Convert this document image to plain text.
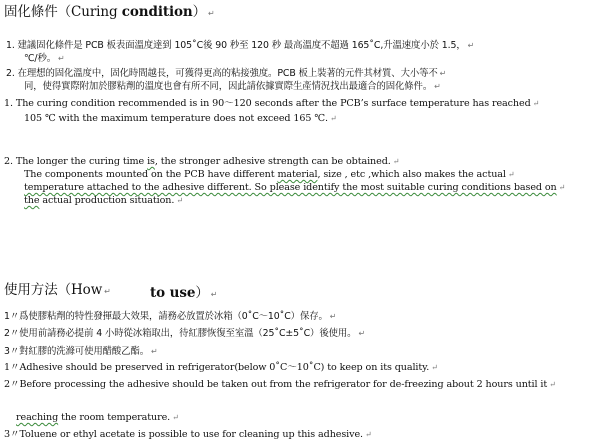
固化條件（Curing condition） ↵
1. 建議固化條件是 PCB 板表面溫度達到 105˚C後 90 秒至 120 秒 最高溫度不超過 165˚C,升溫速度小於 1.5， ↵
℃/秒。 ↵
2. 在理想的固化溫度中，固化時間越長，可獲得更高的粘接強度。PCB 板上裝著的元件其材質、大小等不 ↵
同，使得實際附加於膠粘劑的溫度也會有所不同，因此請依據實際生產情況找出最適合的固化條件。 ↵
1. The curing condition recommended is in 90～120 seconds after the PCB’s surface temperature has reached ↵
105 ℃ with the maximum temperature does not exceed 165 ℃. ↵
2. The longer the curing time is, the stronger adhesive strength can be obtained. ↵
The components mounted on the PCB have different material, size , etc ,which also makes the actual ↵
temperature attached to the adhesive different. So please identify the most suitable curing conditions based on ↵
the actual production situation. ↵
使用方法（How ↵	to use） ↵
1〃爲使膠粘劑的特性發揮最大效果，請務必放置於冰箱（0˚C～10˚C）保存。 ↵
2〃使用前請務必提前 4 小時從冰箱取出，待紅膠恢復至室溫（25˚C±5˚C）後使用。 ↵
3〃對紅膠的洗滌可使用醋酸乙酯。 ↵
1〃Adhesive should be preserved in refrigerator(below 0˚C～10˚C) to keep on its quality. ↵
2〃Before processing the adhesive should be taken out from the refrigerator for de-freezing about 2 hours until it ↵
reaching the room temperature. ↵
3〃Toluene or ethyl acetate is possible to use for cleaning up this adhesive. ↵
